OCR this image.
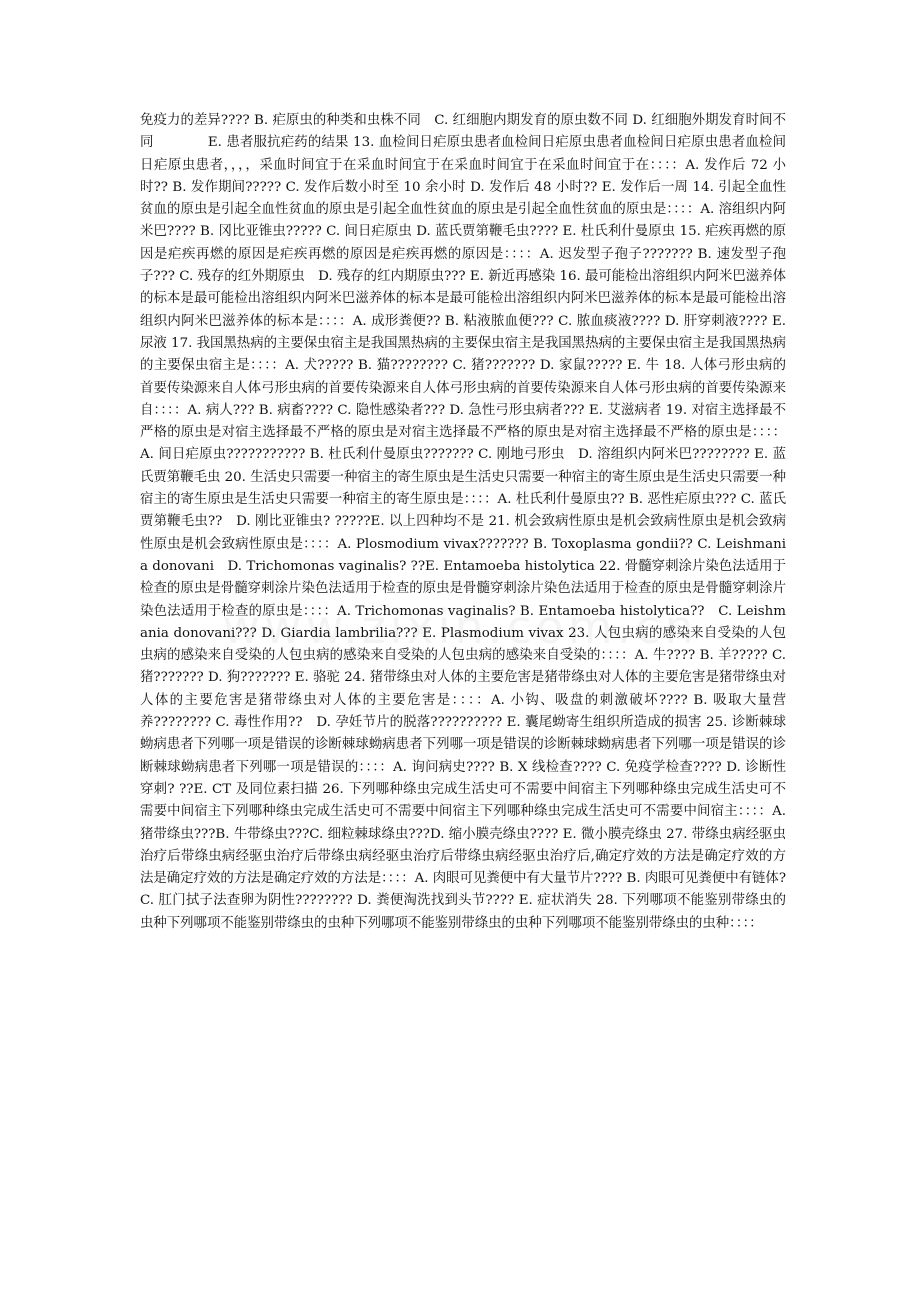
免疫力的差异???? B. 疟原虫的种类和虫株不同　C. 红细胞内期发育的原虫数不同 D. 红细胞外期发育时间不同　　　　E. 患者服抗疟药的结果 13. 血检间日疟原虫患者血检间日疟原虫患者血检间日疟原虫患者血检间日疟原虫患者，，，，采血时间宜于在采血时间宜于在采血时间宜于在采血时间宜于在：：：：A. 发作后 72 小时?? B. 发作期间????? C. 发作后数小时至 10 余小时 D. 发作后 48 小时?? E. 发作后一周 14. 引起全血性贫血的原虫是引起全血性贫血的原虫是引起全血性贫血的原虫是引起全血性贫血的原虫是：：：：A. 溶组织内阿米巴???? B. 冈比亚锥虫????? C. 间日疟原虫 D. 蓝氏贾第鞭毛虫???? E. 杜氏利什曼原虫 15. 疟疾再燃的原因是疟疾再燃的原因是疟疾再燃的原因是疟疾再燃的原因是：：：：A. 迟发型子孢子??????? B. 速发型子孢子??? C. 残存的红外期原虫　D. 残存的红内期原虫??? E. 新近再感染 16. 最可能检出溶组织内阿米巴滋养体的标本是最可能检出溶组织内阿米巴滋养体的标本是最可能检出溶组织内阿米巴滋养体的标本是最可能检出溶组织内阿米巴滋养体的标本是：：：：A. 成形粪便?? B. 粘液脓血便??? C. 脓血痰液???? D. 肝穿刺液???? E. 尿液 17. 我国黑热病的主要保虫宿主是我国黑热病的主要保虫宿主是我国黑热病的主要保虫宿主是我国黑热病的主要保虫宿主是：：：：A. 犬????? B. 猫???????? C. 猪??????? D. 家鼠????? E. 牛 18. 人体弓形虫病的首要传染源来自人体弓形虫病的首要传染源来自人体弓形虫病的首要传染源来自人体弓形虫病的首要传染源来自：：：：A. 病人??? B. 病畜???? C. 隐性感染者??? D. 急性弓形虫病者??? E. 艾滋病者 19. 对宿主选择最不严格的原虫是对宿主选择最不严格的原虫是对宿主选择最不严格的原虫是对宿主选择最不严格的原虫是：：：：A. 间日疟原虫??????????? B. 杜氏利什曼原虫??????? C. 刚地弓形虫　D. 溶组织内阿米巴???????? E. 蓝氏贾第鞭毛虫 20. 生活史只需要一种宿主的寄生原虫是生活史只需要一种宿主的寄生原虫是生活史只需要一种宿主的寄生原虫是生活史只需要一种宿主的寄生原虫是：：：：A. 杜氏利什曼原虫?? B. 恶性疟原虫??? C. 蓝氏贾第鞭毛虫??　D. 刚比亚锥虫? ?????E. 以上四种均不是 21. 机会致病性原虫是机会致病性原虫是机会致病性原虫是机会致病性原虫是：：：：A. Plosmodium vivax??????? B. Toxoplasma gondii?? C. Leishmania donovani　D. Trichomonas vaginalis? ??E. Entamoeba histolytica 22. 骨髓穿刺涂片染色法适用于检查的原虫是骨髓穿刺涂片染色法适用于检查的原虫是骨髓穿刺涂片染色法适用于检查的原虫是骨髓穿刺涂片染色法适用于检查的原虫是：：：：A. Trichomonas vaginalis? B. Entamoeba histolytica??　C. Leishmania donovani??? D. Giardia lambrilia??? E. Plasmodium vivax 23. 人包虫病的感染来自受染的人包虫病的感染来自受染的人包虫病的感染来自受染的人包虫病的感染来自受染的：：：：A. 牛???? B. 羊????? C. 猪??????? D. 狗??????? E. 骆驼 24. 猪带绦虫对人体的主要危害是猪带绦虫对人体的主要危害是猪带绦虫对人体的主要危害是猪带绦虫对人体的主要危害是：：：：A. 小钩、吸盘的刺激破坏???? B. 吸取大量营养???????? C. 毒性作用??　D. 孕妊节片的脱落?????????? E. 囊尾蚴寄生组织所造成的损害 25. 诊断棘球蚴病患者下列哪一项是错误的诊断棘球蚴病患者下列哪一项是错误的诊断棘球蚴病患者下列哪一项是错误的诊断棘球蚴病患者下列哪一项是错误的：：：：A. 询问病史???? B. X 线检查???? C. 免疫学检查???? D. 诊断性穿刺? ??E. CT 及同位素扫描 26. 下列哪种绦虫完成生活史可不需要中间宿主下列哪种绦虫完成生活史可不需要中间宿主下列哪种绦虫完成生活史可不需要中间宿主下列哪种绦虫完成生活史可不需要中间宿主：：：：A. 猪带绦虫???B. 牛带绦虫???C. 细粒棘球绦虫???D. 缩小膜壳绦虫???? E. 微小膜壳绦虫 27. 带绦虫病经驱虫治疗后带绦虫病经驱虫治疗后带绦虫病经驱虫治疗后带绦虫病经驱虫治疗后,确定疗效的方法是确定疗效的方法是确定疗效的方法是确定疗效的方法是：：：：A. 肉眼可见粪便中有大量节片???? B. 肉眼可见粪便中有链体?　C. 肛门拭子法查卵为阴性???????? D. 粪便淘洗找到头节???? E. 症状消失 28. 下列哪项不能鉴别带绦虫的虫种下列哪项不能鉴别带绦虫的虫种下列哪项不能鉴别带绦虫的虫种下列哪项不能鉴别带绦虫的虫种：：：：
